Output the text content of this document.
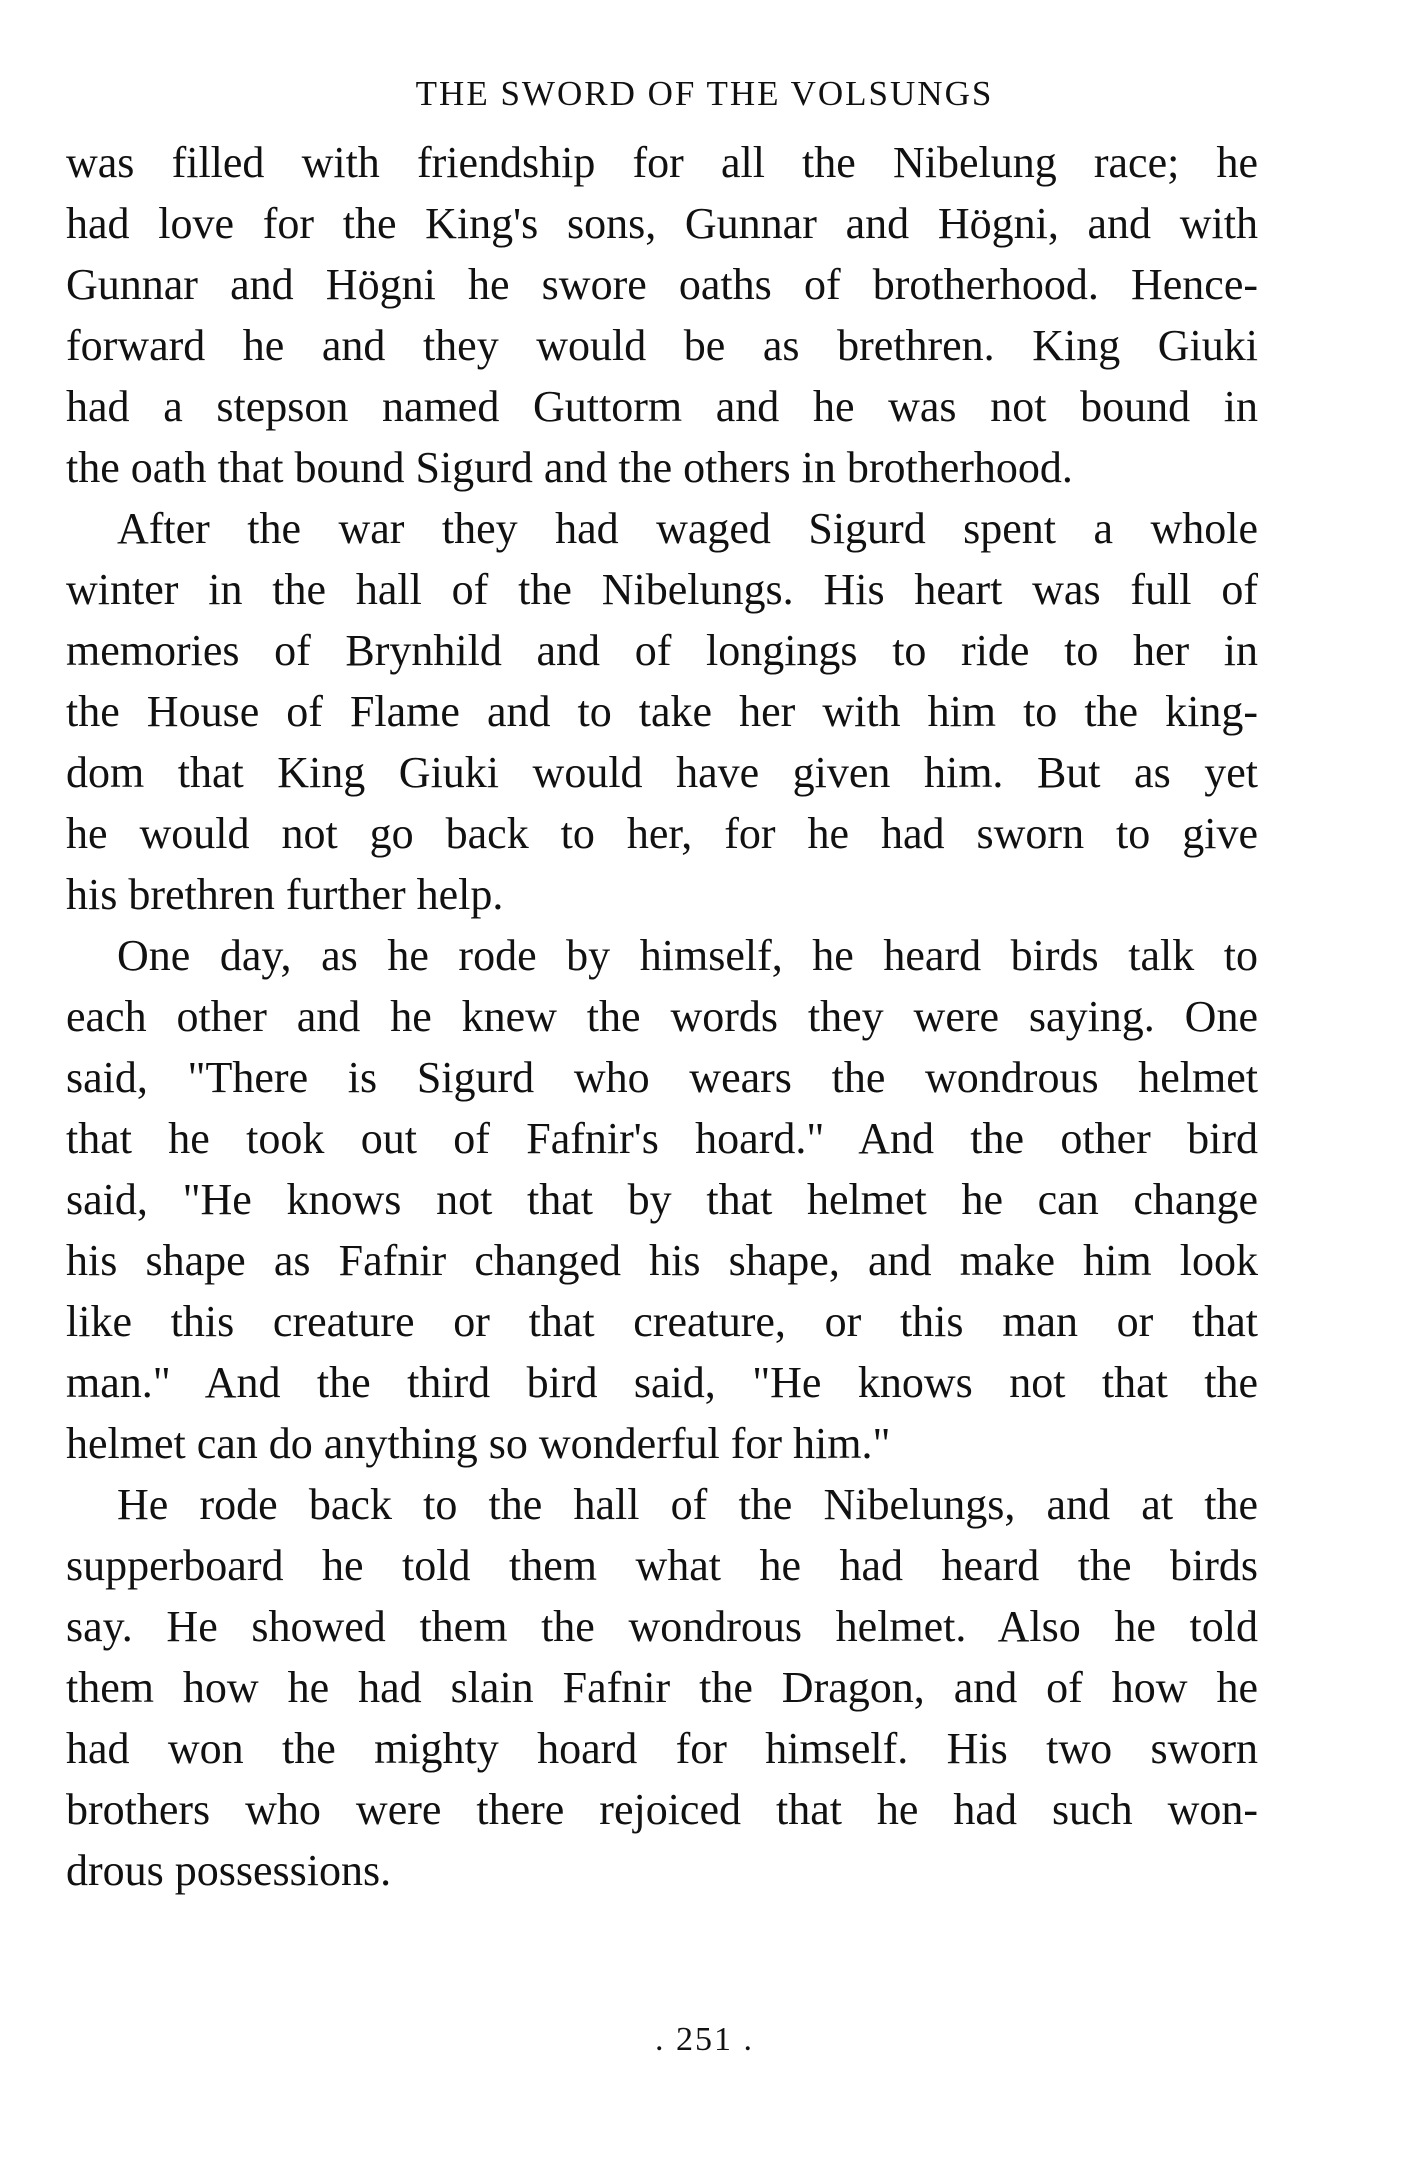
THE SWORD OF THE VOLSUNGS
was filled with friendship for all the Nibelung race; he
had love for the King's sons, Gunnar and Högni, and with
Gunnar and Högni he swore oaths of brotherhood. Hence-
forward he and they would be as brethren. King Giuki
had a stepson named Guttorm and he was not bound in
the oath that bound Sigurd and the others in brotherhood.
After the war they had waged Sigurd spent a whole
winter in the hall of the Nibelungs. His heart was full of
memories of Brynhild and of longings to ride to her in
the House of Flame and to take her with him to the king-
dom that King Giuki would have given him. But as yet
he would not go back to her, for he had sworn to give
his brethren further help.
One day, as he rode by himself, he heard birds talk to
each other and he knew the words they were saying. One
said, "There is Sigurd who wears the wondrous helmet
that he took out of Fafnir's hoard." And the other bird
said, "He knows not that by that helmet he can change
his shape as Fafnir changed his shape, and make him look
like this creature or that creature, or this man or that
man." And the third bird said, "He knows not that the
helmet can do anything so wonderful for him."
He rode back to the hall of the Nibelungs, and at the
supperboard he told them what he had heard the birds
say. He showed them the wondrous helmet. Also he told
them how he had slain Fafnir the Dragon, and of how he
had won the mighty hoard for himself. His two sworn
brothers who were there rejoiced that he had such won-
drous possessions.
. 251 .
